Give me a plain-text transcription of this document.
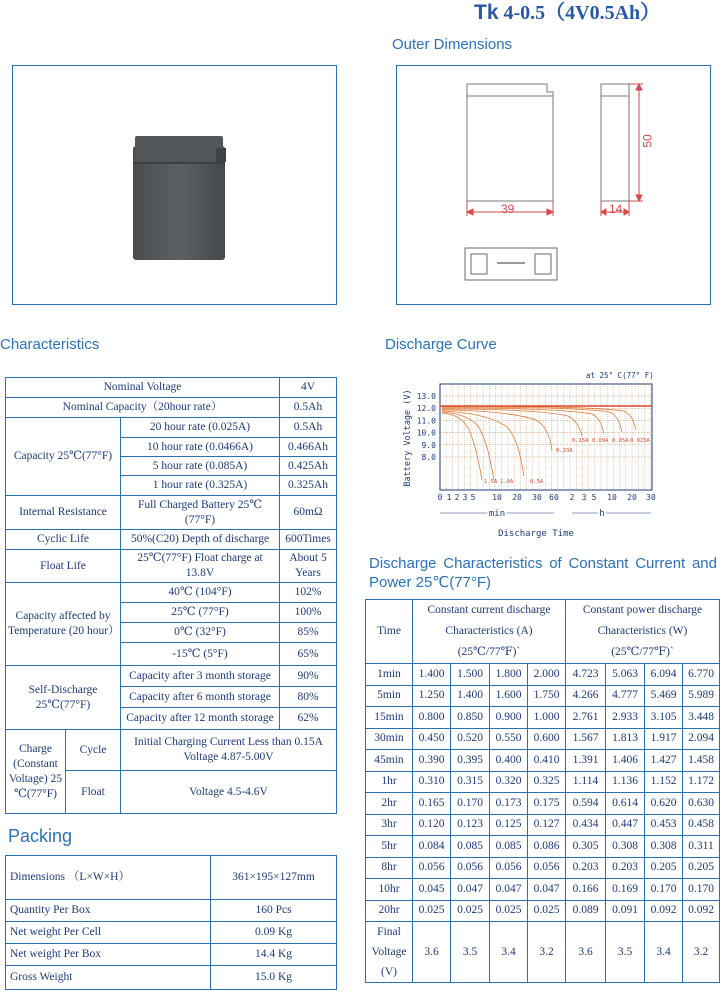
Tk 4-0.5（4V0.5Ah）
Outer Dimensions
39	14
50
Characteristics
Nominal Voltage			4V
Nominal Capacity（20hour rate）			0.5Ah
Capacity 25℃(77°F)		20 hour rate (0.025A)	0.5Ah
		10 hour rate (0.0466A)	0.466Ah
		5 hour rate (0.085A)	0.425Ah
		1 hour rate (0.325A)	0.325Ah
Internal Resistance		Full Charged Battery 25℃ (77°F)	60mΩ
Cyclic Life		50%(C20) Depth of discharge	600Times
Float Life		25℃(77°F) Float charge at 13.8V	About 5 Years
Capacity affected by Temperature (20 hour）		40℃ (104°F)	102%
		25℃ (77°F)	100%
		0℃ (32°F)	85%
		-15℃ (5°F)	65%
Self-Discharge 25℃(77°F)		Capacity after 3 month storage	90%
		Capacity after 6 month storage	80%
		Capacity after 12 month storage	62%
Charge (Constant Voltage) 25 ℃(77°F)	Cycle	Initial Charging Current Less than 0.15A Voltage 4.87-5.00V	
	Float	Voltage 4.5-4.6V	
Packing
Dimensions （L×W×H）	361×195×127mm
Quantity Per Box	160 Pcs
Net weight Per Cell	0.09 Kg
Net weight Per Box	14.4 Kg
Gross Weight	15.0 Kg
Discharge Curve
13.0
12.0
11.0
10.0
9.0
8.0
1.5A 1.0A	0.5A
0.33A
0.15A 0.09A 0.05A 0.025A
at 25° C(77° F)
0 1 2 3 5 10 20 30 60 2 3 5 10 20 30
min	h
Discharge Time
Battery Voltage (V)
Discharge Characteristics of Constant Current and Power 25℃(77°F)
Time	Constant current discharge Characteristics (A) (25℃/77℉)`				Constant power discharge Characteristics (W) (25℃/77℉)`			
1min	1.400	1.500	1.800	2.000	4.723	5.063	6.094	6.770
5min	1.250	1.400	1.600	1.750	4.266	4.777	5.469	5.989
15min	0.800	0.850	0.900	1.000	2.761	2.933	3.105	3.448
30min	0.450	0.520	0.550	0.600	1.567	1.813	1.917	2.094
45min	0.390	0.395	0.400	0.410	1.391	1.406	1.427	1.458
1hr	0.310	0.315	0.320	0.325	1.114	1.136	1.152	1.172
2hr	0.165	0.170	0.173	0.175	0.594	0.614	0.620	0.630
3hr	0.120	0.123	0.125	0.127	0.434	0.447	0.453	0.458
5hr	0.084	0.085	0.085	0.086	0.305	0.308	0.308	0.311
8hr	0.056	0.056	0.056	0.056	0.203	0.203	0.205	0.205
10hr	0.045	0.047	0.047	0.047	0.166	0.169	0.170	0.170
20hr	0.025	0.025	0.025	0.025	0.089	0.091	0.092	0.092
Final Voltage (V)	3.6	3.5	3.4	3.2	3.6	3.5	3.4	3.2
